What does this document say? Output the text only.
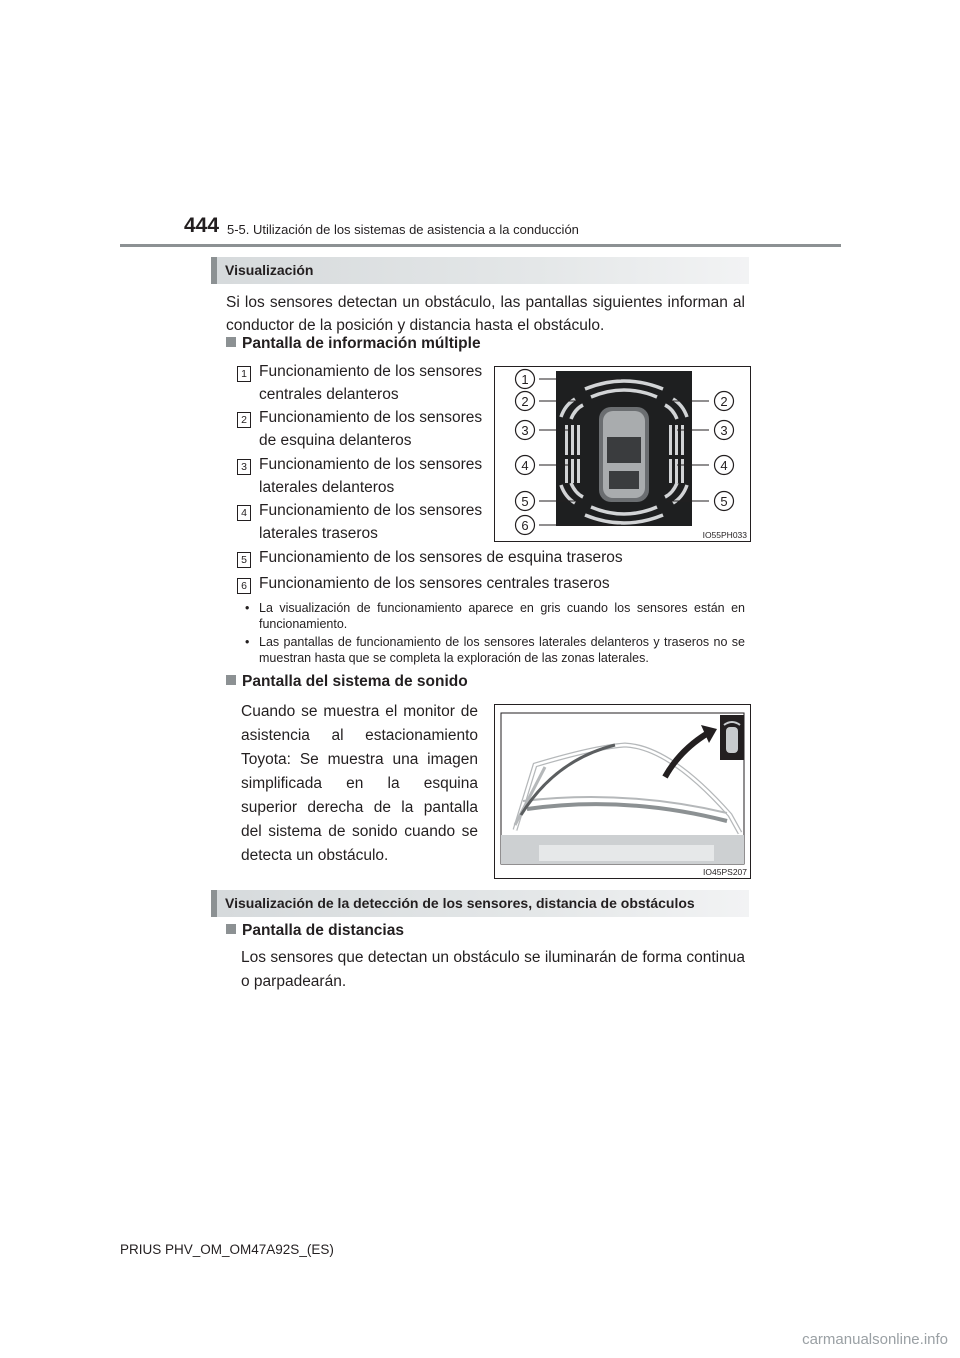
444 5-5. Utilización de los sistemas de asistencia a la conducción
Visualización
Si los sensores detectan un obstáculo, las pantallas siguientes informan al conductor de la posición y distancia hasta el obstáculo.
Pantalla de información múltiple
1 Funcionamiento de los sensores centrales delanteros
2 Funcionamiento de los sensores de esquina delanteros
3 Funcionamiento de los sensores laterales delanteros
4 Funcionamiento de los sensores laterales traseros
5 Funcionamiento de los sensores de esquina traseros
6 Funcionamiento de los sensores centrales traseros
• La visualización de funcionamiento aparece en gris cuando los sensores están en funcionamiento.
• Las pantallas de funcionamiento de los sensores laterales delanteros y traseros no se muestran hasta que se completa la exploración de las zonas laterales.
1
2	2
3	3
4	4
5	5
6
IO55PH033
Pantalla del sistema de sonido
Cuando se muestra el monitor de asistencia al estacionamiento Toyota: Se muestra una imagen simplificada en la esquina superior derecha de la pantalla del sistema de sonido cuando se detecta un obstáculo.
IO45PS207
Visualización de la detección de los sensores, distancia de obstáculos
Pantalla de distancias
Los sensores que detectan un obstáculo se iluminarán de forma continua o parpadearán.
PRIUS PHV_OM_OM47A92S_(ES)
carmanualsonline.info
